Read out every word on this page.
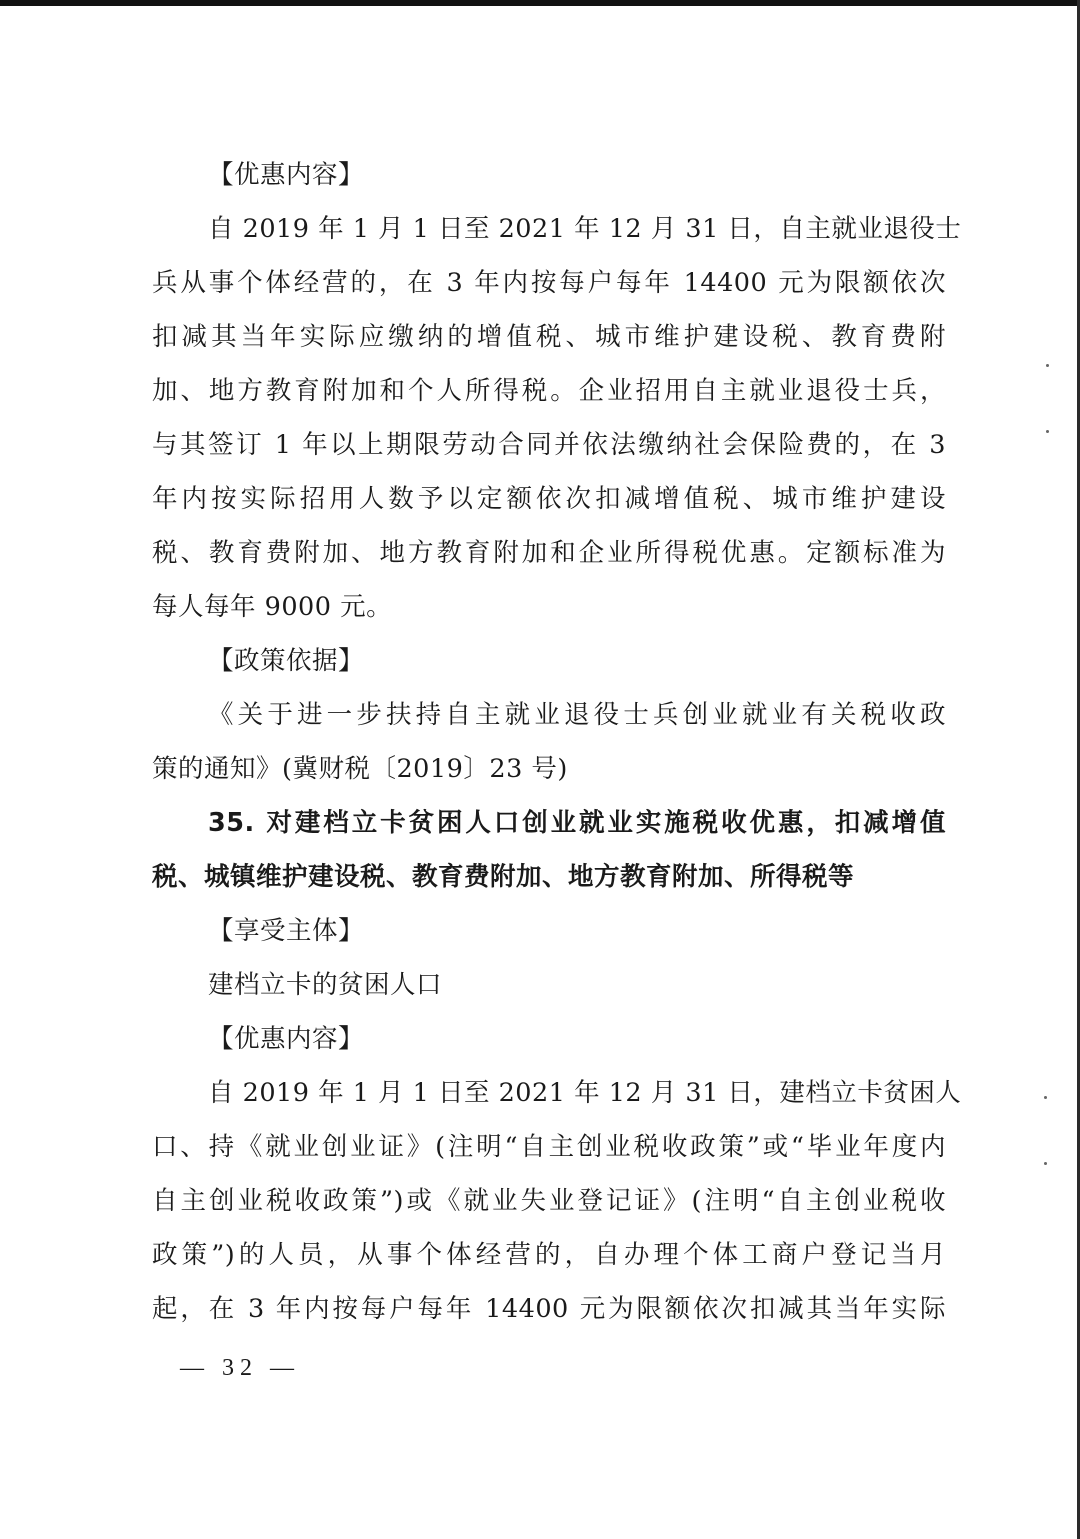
【优惠内容】
自 2019 年 1 月 1 日至 2021 年 12 月 31 日，自主就业退役士
兵从事个体经营的，在 3 年内按每户每年 14400 元为限额依次
扣减其当年实际应缴纳的增值税、城市维护建设税、教育费附
加、地方教育附加和个人所得税。企业招用自主就业退役士兵，
与其签订 1 年以上期限劳动合同并依法缴纳社会保险费的，在 3
年内按实际招用人数予以定额依次扣减增值税、城市维护建设
税、教育费附加、地方教育附加和企业所得税优惠。定额标准为
每人每年 9000 元。
【政策依据】
《关于进一步扶持自主就业退役士兵创业就业有关税收政
策的通知》(冀财税〔2019〕23 号)
35. 对建档立卡贫困人口创业就业实施税收优惠，扣减增值
税、城镇维护建设税、教育费附加、地方教育附加、所得税等
【享受主体】
建档立卡的贫困人口
【优惠内容】
自 2019 年 1 月 1 日至 2021 年 12 月 31 日，建档立卡贫困人
口、持《就业创业证》(注明“自主创业税收政策”或“毕业年度内
自主创业税收政策”)或《就业失业登记证》(注明“自主创业税收
政策”)的人员，从事个体经营的，自办理个体工商户登记当月
起，在 3 年内按每户每年 14400 元为限额依次扣减其当年实际
— 32 —
